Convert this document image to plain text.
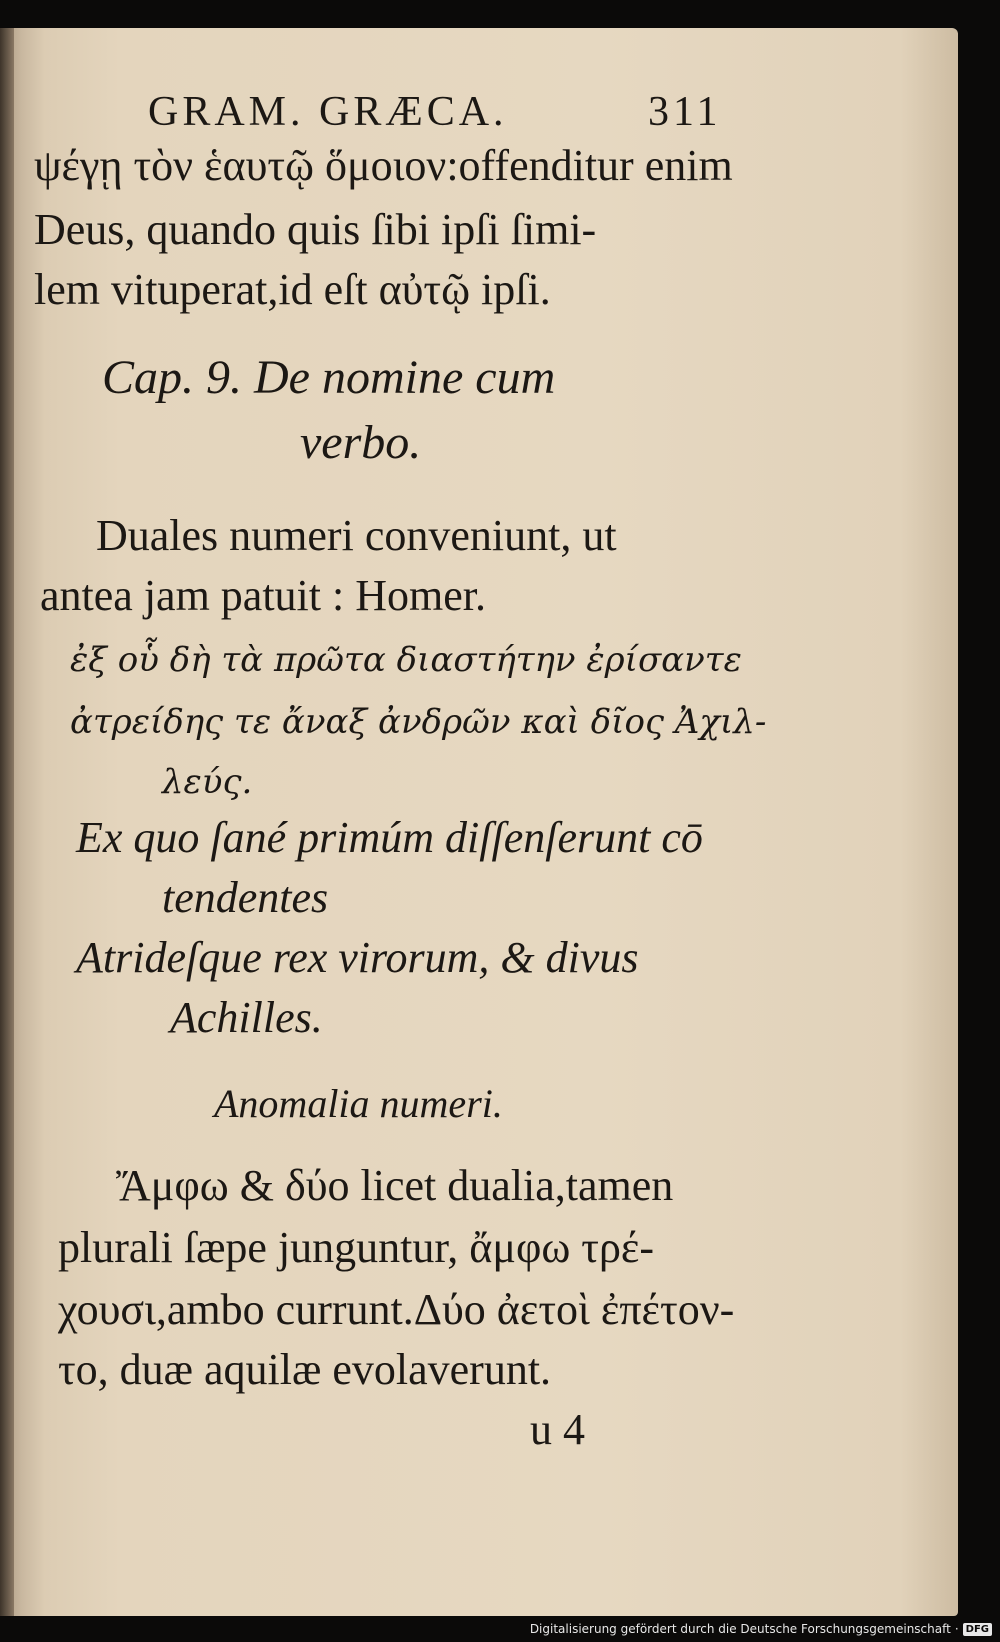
GRAM. GRÆCA.	311
ψέγῃ τὸν ἑαυτῷ ὅμοιον:offenditur enim
Deus, quando quis ſibi ipſi ſimi-
lem vituperat,id eſt αὐτῷ ipſi.
Cap. 9. De nomine cum
verbo.
Duales numeri conveniunt, ut
antea jam patuit : Homer.
ἐξ οὗ δὴ τὰ πρῶτα διαστήτην ἐρίσαντε
ἀτρείδης τε ἄναξ ἀνδρῶν καὶ δῖος Ἀχιλ-
λεύς.
Ex quo ſané primúm diſſenſerunt cō
tendentes
Atrideſque rex virorum, & divus
Achilles.
Anomalia numeri.
Ἄμφω & δύο licet dualia,tamen
plurali ſæpe junguntur, ἄμφω τρέ-
χουσι,ambo currunt.Δύο ἀετοὶ ἐπέτον-
το, duæ aquilæ evolaverunt.
u 4
Digitalisierung gefördert durch die Deutsche Forschungsgemeinschaft · DFG
